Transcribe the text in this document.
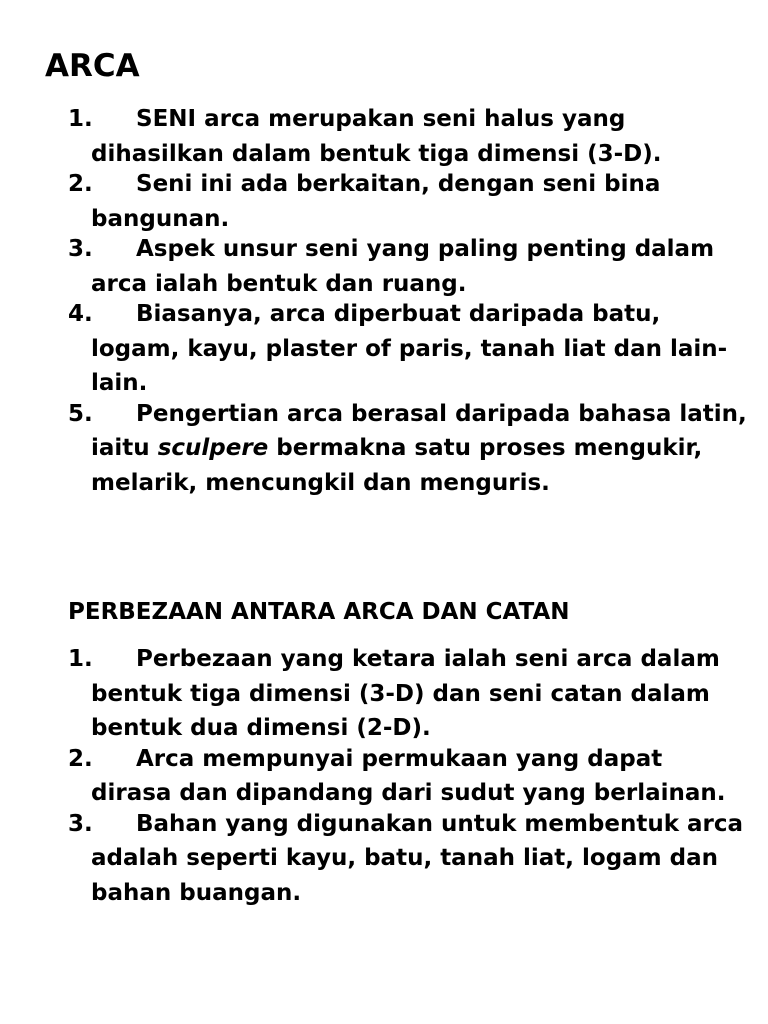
ARCA
1. SENI arca merupakan seni halus yang dihasilkan dalam bentuk tiga dimensi (3-D).
2. Seni ini ada berkaitan, dengan seni bina bangunan.
3. Aspek unsur seni yang paling penting dalam arca ialah bentuk dan ruang.
4. Biasanya, arca diperbuat daripada batu, logam, kayu, plaster of paris, tanah liat dan lain-lain.
5. Pengertian arca berasal daripada bahasa latin, iaitu sculpere bermakna satu proses mengukir, melarik, mencungkil dan menguris.
PERBEZAAN ANTARA ARCA DAN CATAN
1. Perbezaan yang ketara ialah seni arca dalam bentuk tiga dimensi (3-D) dan seni catan dalam bentuk dua dimensi (2-D).
2. Arca mempunyai permukaan yang dapat dirasa dan dipandang dari sudut yang berlainan.
3. Bahan yang digunakan untuk membentuk arca adalah seperti kayu, batu, tanah liat, logam dan bahan buangan.
